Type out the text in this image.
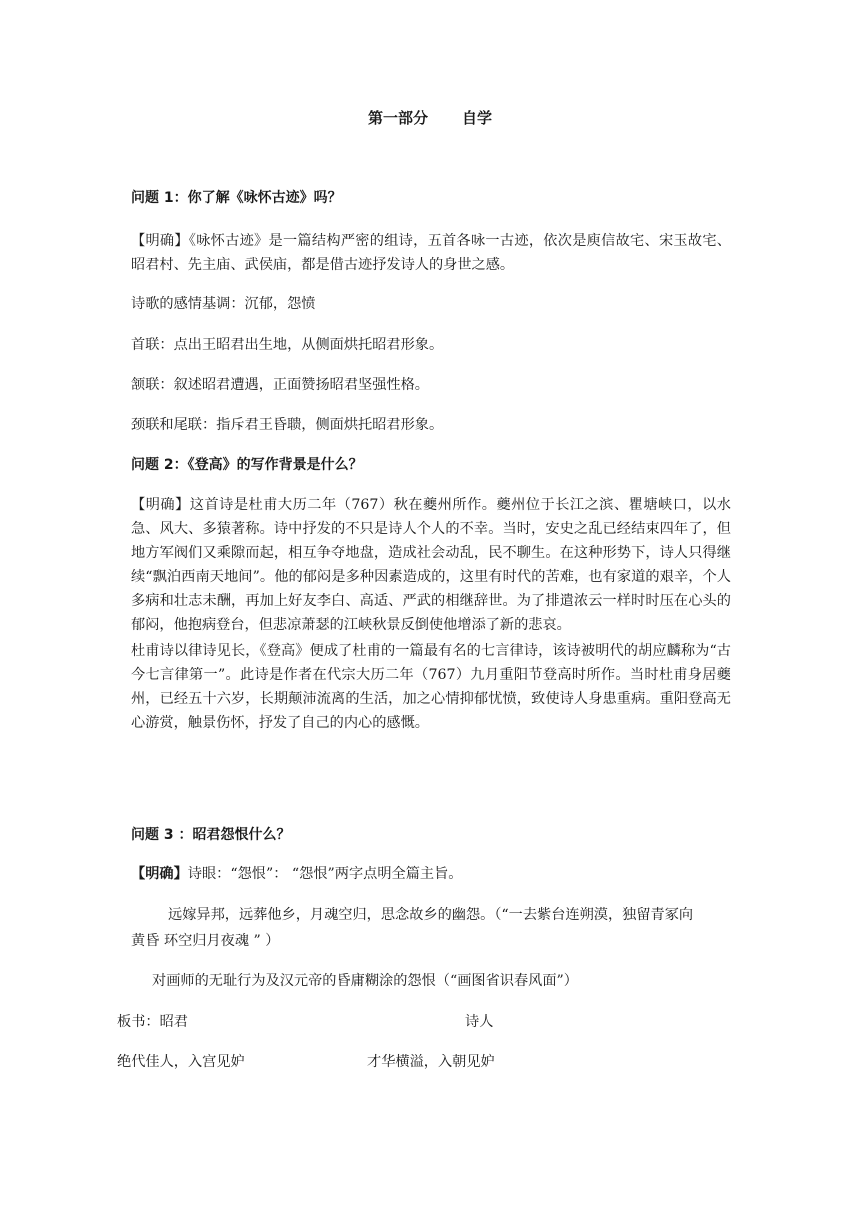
第一部分 自学
问题 1：你了解《咏怀古迹》吗？
【明确】《咏怀古迹》是一篇结构严密的组诗，五首各咏一古迹，依次是庾信故宅、宋玉故宅、昭君村、先主庙、武侯庙，都是借古迹抒发诗人的身世之感。
诗歌的感情基调：沉郁，怨愤
首联：点出王昭君出生地，从侧面烘托昭君形象。
颔联：叙述昭君遭遇，正面赞扬昭君坚强性格。
颈联和尾联：指斥君王昏聩，侧面烘托昭君形象。
问题 2：《登高》的写作背景是什么？
【明确】这首诗是杜甫大历二年（767）秋在夔州所作。夔州位于长江之滨、瞿塘峡口，以水急、风大、多猿著称。诗中抒发的不只是诗人个人的不幸。当时，安史之乱已经结束四年了，但地方军阀们又乘隙而起，相互争夺地盘，造成社会动乱，民不聊生。在这种形势下，诗人只得继续“飘泊西南天地间”。他的郁闷是多种因素造成的，这里有时代的苦难，也有家道的艰辛，个人多病和壮志未酬，再加上好友李白、高适、严武的相继辞世。为了排遣浓云一样时时压在心头的郁闷，他抱病登台，但悲凉萧瑟的江峡秋景反倒使他增添了新的悲哀。
杜甫诗以律诗见长，《登高》便成了杜甫的一篇最有名的七言律诗，该诗被明代的胡应麟称为“古今七言律第一”。此诗是作者在代宗大历二年（767）九月重阳节登高时所作。当时杜甫身居夔州，已经五十六岁，长期颠沛流离的生活，加之心情抑郁忧愤，致使诗人身患重病。重阳登高无心游赏，触景伤怀，抒发了自己的内心的感慨。
问题 3 ：昭君怨恨什么？
【明确】诗眼：“怨恨”： “怨恨”两字点明全篇主旨。
远嫁异邦，远葬他乡，月魂空归，思念故乡的幽怨。（“一去紫台连朔漠，独留青冢向
黄昏 环空归月夜魂 ” ）
对画师的无耻行为及汉元帝的昏庸糊涂的怨恨（“画图省识春风面”）
板书：昭君	诗人
绝代佳人，入宫见妒	才华横溢，入朝见妒
